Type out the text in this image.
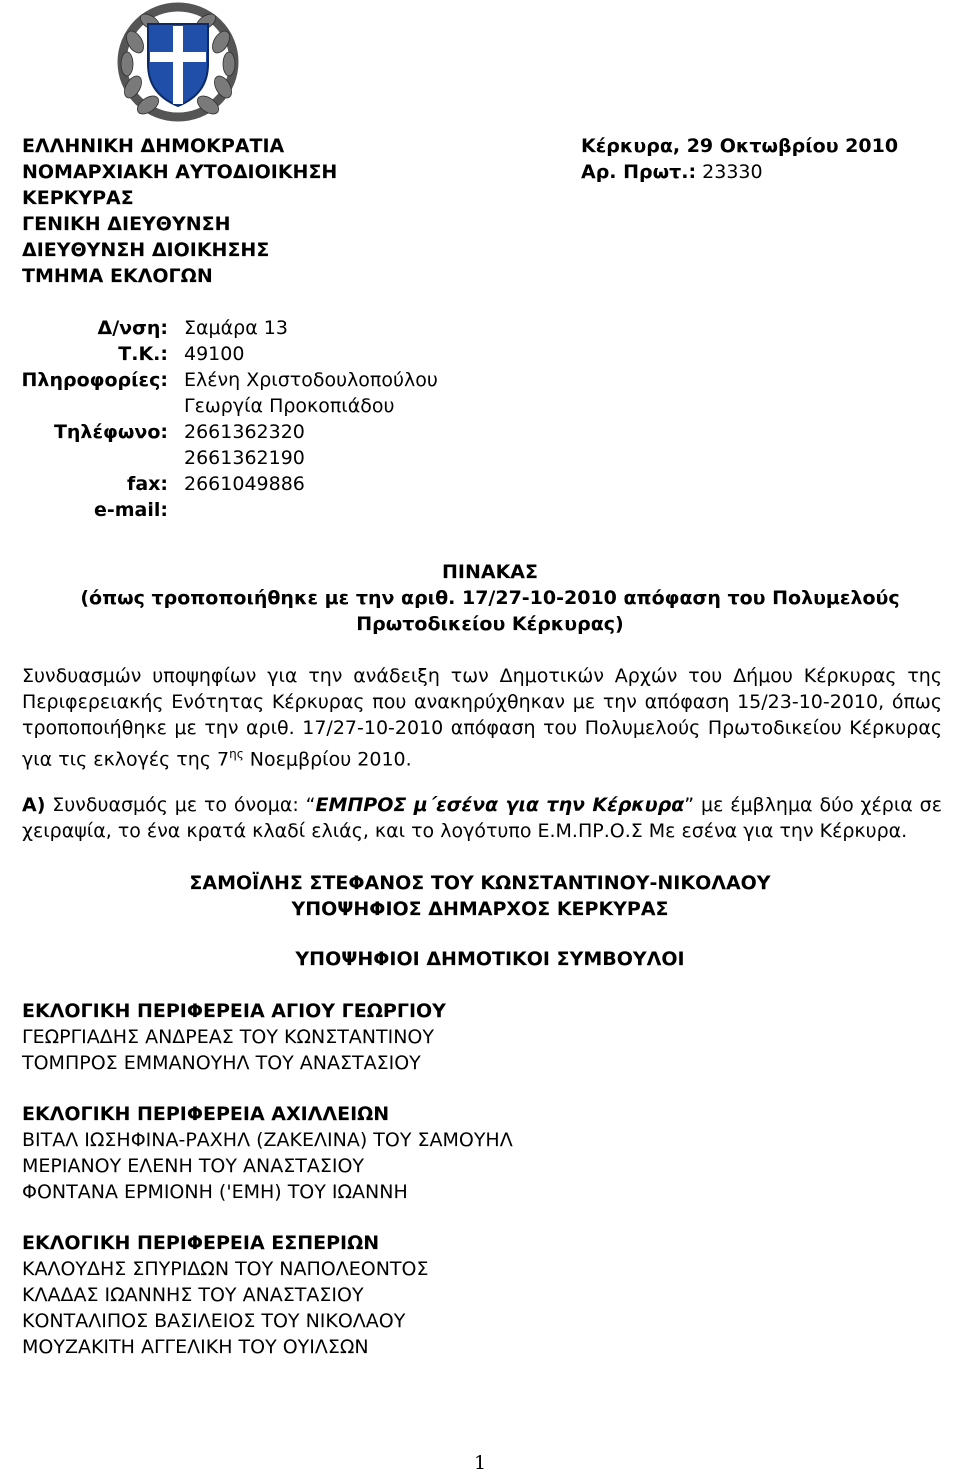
ΕΛΛΗΝΙΚΗ ΔΗΜΟΚΡΑΤΙΑ
ΝΟΜΑΡΧΙΑΚΗ ΑΥΤΟΔΙΟΙΚΗΣΗ
ΚΕΡΚΥΡΑΣ
ΓΕΝΙΚΗ ΔΙΕΥΘΥΝΣΗ
ΔΙΕΥΘΥΝΣΗ ΔΙΟΙΚΗΣΗΣ
ΤΜΗΜΑ ΕΚΛΟΓΩΝ
Κέρκυρα, 29 Οκτωβρίου 2010
Αρ. Πρωτ.: 23330
Δ/νση: Σαμάρα 13
Τ.Κ.: 49100
Πληροφορίες: Ελένη Χριστοδουλοπούλου
Γεωργία Προκοπιάδου
Τηλέφωνο: 2661362320
2661362190
fax: 2661049886
e-mail:
ΠΙΝΑΚΑΣ
(όπως τροποποιήθηκε με την αριθ. 17/27-10-2010 απόφαση του Πολυμελούς
Πρωτοδικείου Κέρκυρας)
Συνδυασμών υποψηφίων για την ανάδειξη των Δημοτικών Αρχών του Δήμου Κέρκυρας της Περιφερειακής Ενότητας Κέρκυρας που ανακηρύχθηκαν με την απόφαση 15/23-10-2010, όπως τροποποιήθηκε με την αριθ. 17/27-10-2010 απόφαση του Πολυμελούς Πρωτοδικείου Κέρκυρας για τις εκλογές της $7^{\eta\varsigma}$ Νοεμβρίου 2010.
Α) Συνδυασμός με το όνομα: “ΕΜΠΡΟΣ μ΄εσένα για την Κέρκυρα” με έμβλημα δύο χέρια σε χειραψία, το ένα κρατά κλαδί ελιάς, και το λογότυπο Ε.Μ.ΠΡ.Ο.Σ Με εσένα για την Κέρκυρα.
ΣΑΜΟΪΛΗΣ ΣΤΕΦΑΝΟΣ ΤΟΥ ΚΩΝΣΤΑΝΤΙΝΟΥ-ΝΙΚΟΛΑΟΥ
ΥΠΟΨΗΦΙΟΣ ΔΗΜΑΡΧΟΣ ΚΕΡΚΥΡΑΣ
ΥΠΟΨΗΦΙΟΙ ΔΗΜΟΤΙΚΟΙ ΣΥΜΒΟΥΛΟΙ
ΕΚΛΟΓΙΚΗ ΠΕΡΙΦΕΡΕΙΑ ΑΓΙΟΥ ΓΕΩΡΓΙΟΥ
ΓΕΩΡΓΙΑΔΗΣ ΑΝΔΡΕΑΣ ΤΟΥ ΚΩΝΣΤΑΝΤΙΝΟΥ
ΤΟΜΠΡΟΣ ΕΜΜΑΝΟΥΗΛ ΤΟΥ ΑΝΑΣΤΑΣΙΟΥ
ΕΚΛΟΓΙΚΗ ΠΕΡΙΦΕΡΕΙΑ ΑΧΙΛΛΕΙΩΝ
ΒΙΤΑΛ ΙΩΣΗΦΙΝΑ-ΡΑΧΗΛ (ΖΑΚΕΛΙΝΑ) ΤΟΥ ΣΑΜΟΥΗΛ
ΜΕΡΙΑΝΟΥ ΕΛΕΝΗ ΤΟΥ ΑΝΑΣΤΑΣΙΟΥ
ΦΟΝΤΑΝΑ ΕΡΜΙΟΝΗ ('ΕΜΗ) ΤΟΥ ΙΩΑΝΝΗ
ΕΚΛΟΓΙΚΗ ΠΕΡΙΦΕΡΕΙΑ ΕΣΠΕΡΙΩΝ
ΚΑΛΟΥΔΗΣ ΣΠΥΡΙΔΩΝ ΤΟΥ ΝΑΠΟΛΕΟΝΤΟΣ
ΚΛΑΔΑΣ ΙΩΑΝΝΗΣ ΤΟΥ ΑΝΑΣΤΑΣΙΟΥ
ΚΟΝΤΑΛΙΠΟΣ ΒΑΣΙΛΕΙΟΣ ΤΟΥ ΝΙΚΟΛΑΟΥ
ΜΟΥΖΑΚΙΤΗ ΑΓΓΕΛΙΚΗ ΤΟΥ ΟΥΙΛΣΩΝ
1
